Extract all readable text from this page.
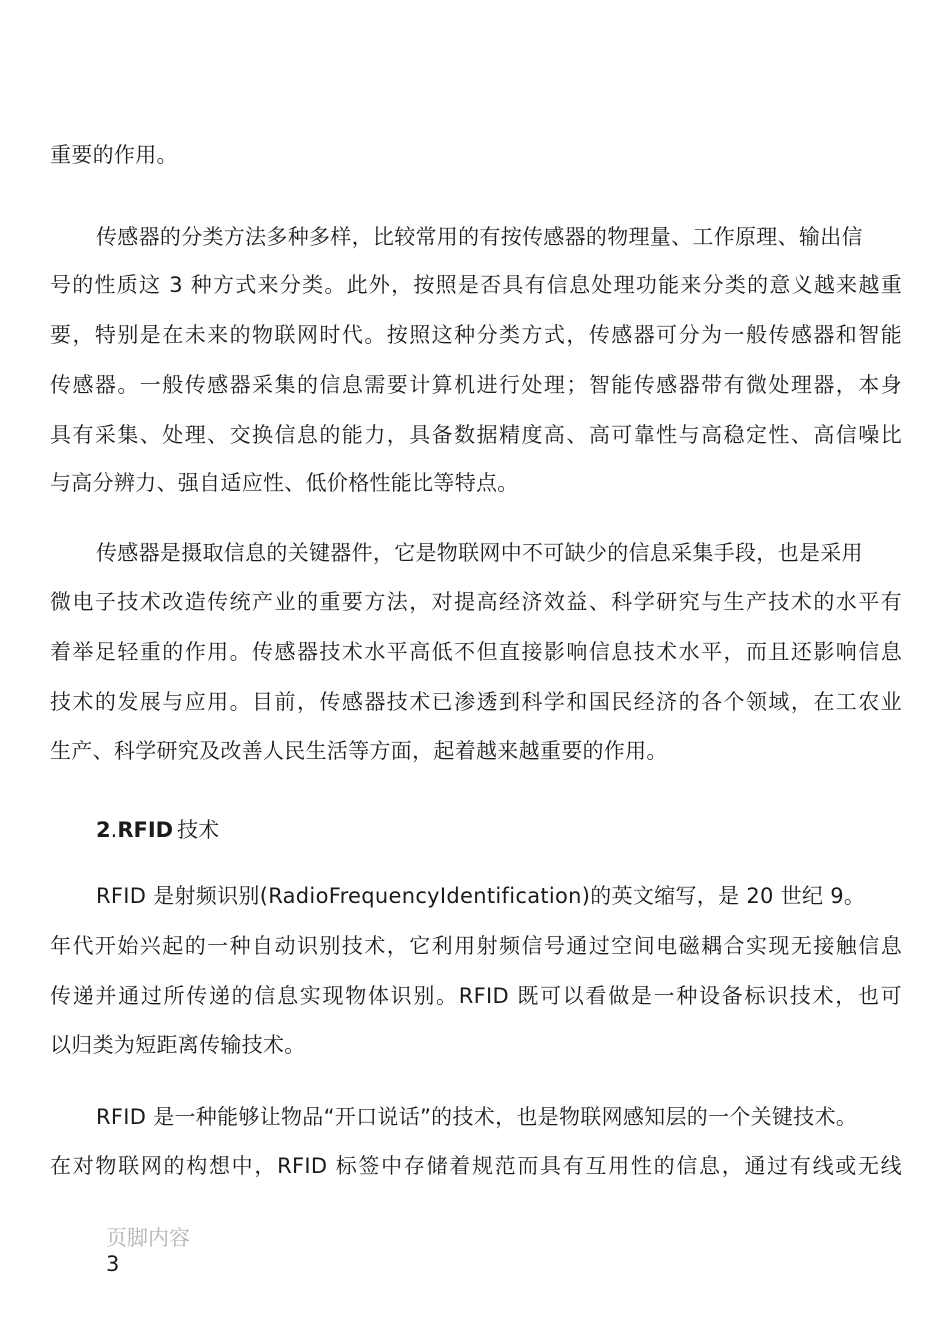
重要的作用。
传感器的分类方法多种多样，比较常用的有按传感器的物理量、工作原理、输出信
号的性质这 3 种方式来分类。此外，按照是否具有信息处理功能来分类的意义越来越重
要，特别是在未来的物联网时代。按照这种分类方式，传感器可分为一般传感器和智能
传感器。一般传感器采集的信息需要计算机进行处理；智能传感器带有微处理器，本身
具有采集、处理、交换信息的能力，具备数据精度高、高可靠性与高稳定性、高信噪比
与高分辨力、强自适应性、低价格性能比等特点。
传感器是摄取信息的关键器件，它是物联网中不可缺少的信息采集手段，也是采用
微电子技术改造传统产业的重要方法，对提高经济效益、科学研究与生产技术的水平有
着举足轻重的作用。传感器技术水平高低不但直接影响信息技术水平，而且还影响信息
技术的发展与应用。目前，传感器技术已渗透到科学和国民经济的各个领域，在工农业
生产、科学研究及改善人民生活等方面，起着越来越重要的作用。
2.RFID 技术
RFID 是射频识别(RadioFrequencyIdentification)的英文缩写，是 20 世纪 9。
年代开始兴起的一种自动识别技术，它利用射频信号通过空间电磁耦合实现无接触信息
传递并通过所传递的信息实现物体识别。RFID 既可以看做是一种设备标识技术，也可
以归类为短距离传输技术。
RFID 是一种能够让物品“开口说话”的技术，也是物联网感知层的一个关键技术。
在对物联网的构想中，RFID 标签中存储着规范而具有互用性的信息，通过有线或无线
页脚内容
3
